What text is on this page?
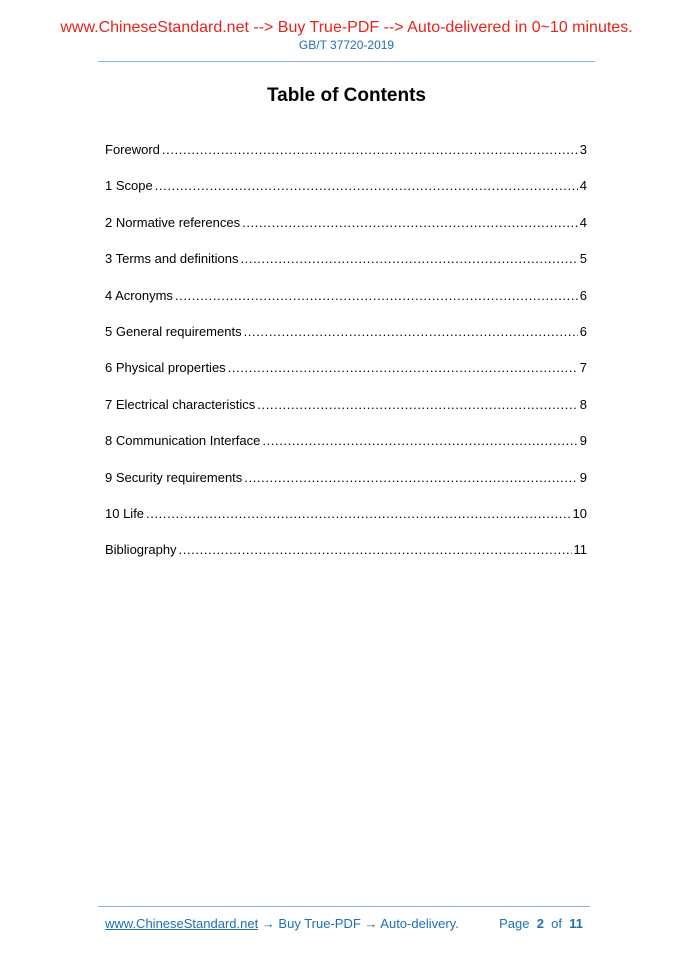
www.ChineseStandard.net --> Buy True-PDF --> Auto-delivered in 0~10 minutes.
GB/T 37720-2019
Table of Contents
Foreword .....	3
1 Scope .....	4
2 Normative references .....	4
3 Terms and definitions .....	5
4 Acronyms .....	6
5 General requirements .....	6
6 Physical properties .....	7
7 Electrical characteristics .....	8
8 Communication Interface .....	9
9 Security requirements .....	9
10 Life .....	10
Bibliography .....	11
www.ChineseStandard.net → Buy True-PDF → Auto-delivery.	Page 2 of 11
